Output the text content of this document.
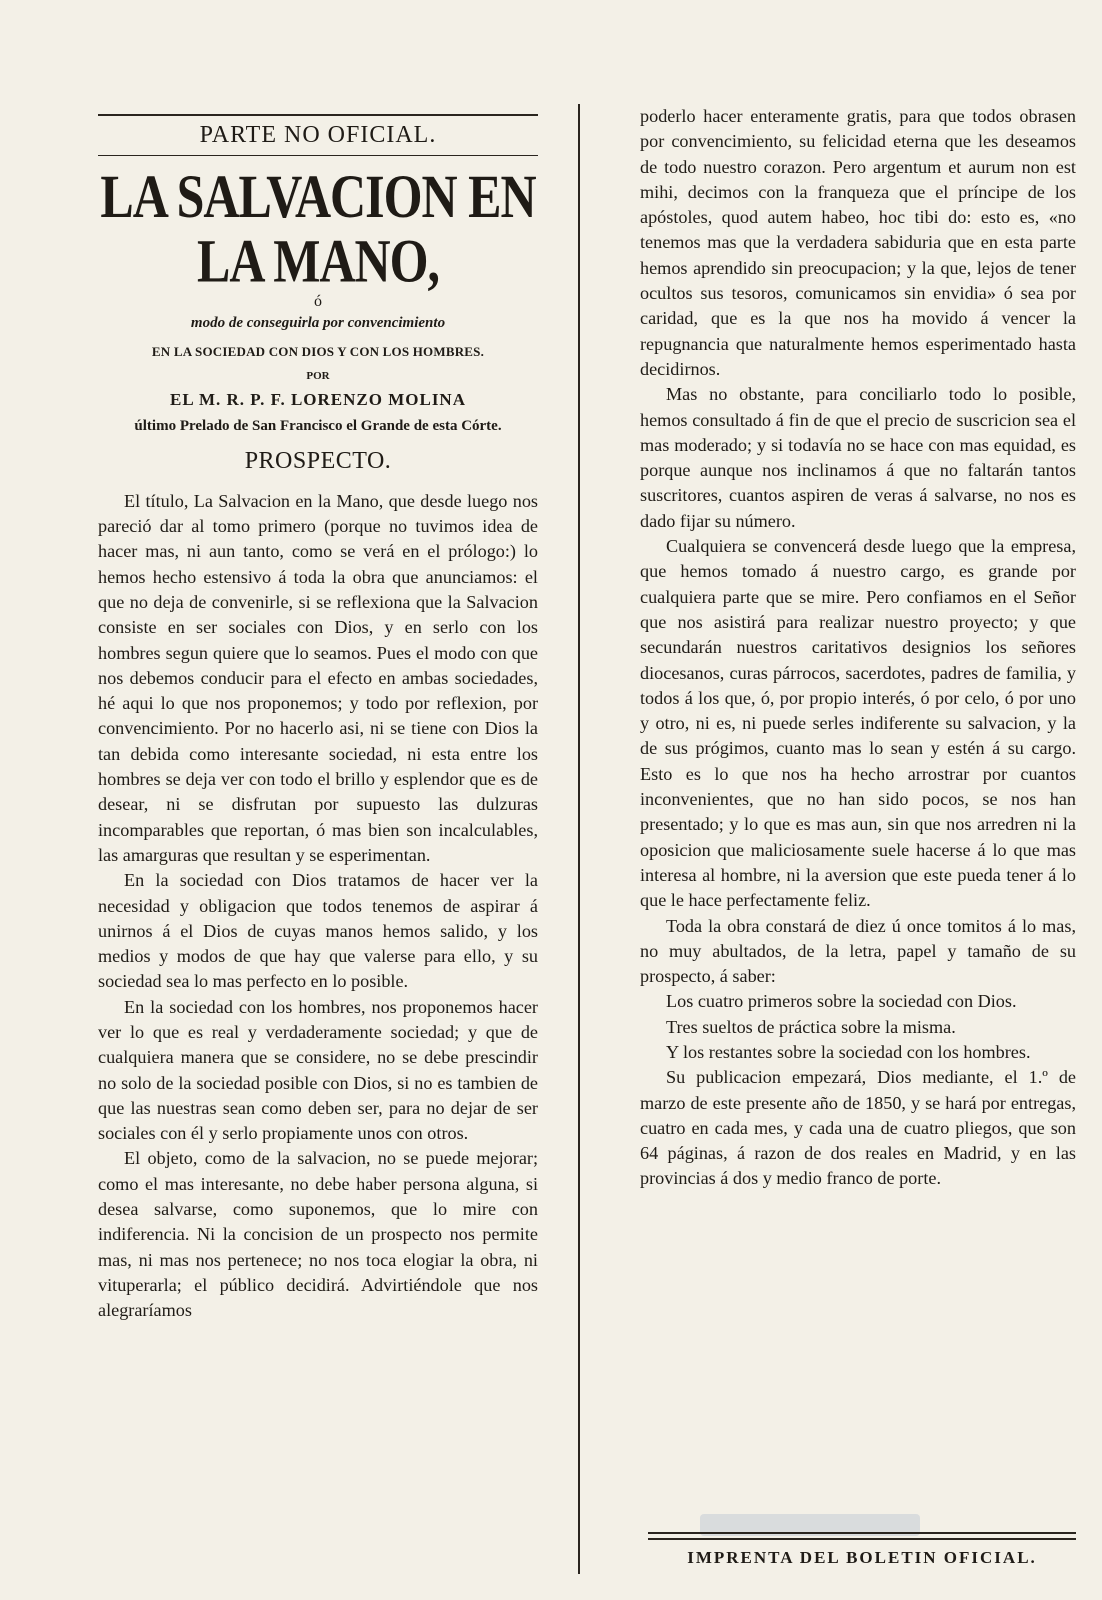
PARTE NO OFICIAL.
LA SALVACION EN LA MANO,
ó
modo de conseguirla por convencimiento
EN LA SOCIEDAD CON DIOS Y CON LOS HOMBRES.
POR
EL M. R. P. F. LORENZO MOLINA
último Prelado de San Francisco el Grande de esta Córte.
PROSPECTO.

El título, La Salvacion en la Mano, que desde luego nos pareció dar al tomo primero (porque no tuvimos idea de hacer mas, ni aun tanto, como se verá en el prólogo:) lo hemos hecho estensivo á toda la obra que anunciamos: el que no deja de convenirle, si se reflexiona que la Salvacion consiste en ser sociales con Dios, y en serlo con los hombres segun quiere que lo seamos. Pues el modo con que nos debemos conducir para el efecto en ambas sociedades, hé aqui lo que nos proponemos; y todo por reflexion, por convencimiento. Por no hacerlo asi, ni se tiene con Dios la tan debida como interesante sociedad, ni esta entre los hombres se deja ver con todo el brillo y esplendor que es de desear, ni se disfrutan por supuesto las dulzuras incomparables que reportan, ó mas bien son incalculables, las amarguras que resultan y se esperimentan.

En la sociedad con Dios tratamos de hacer ver la necesidad y obligacion que todos tenemos de aspirar á unirnos á el Dios de cuyas manos hemos salido, y los medios y modos de que hay que valerse para ello, y su sociedad sea lo mas perfecto en lo posible.

En la sociedad con los hombres, nos proponemos hacer ver lo que es real y verdaderamente sociedad; y que de cualquiera manera que se considere, no se debe prescindir no solo de la sociedad posible con Dios, si no es tambien de que las nuestras sean como deben ser, para no dejar de ser sociales con él y serlo propiamente unos con otros.

El objeto, como de la salvacion, no se puede mejorar; como el mas interesante, no debe haber persona alguna, si desea salvarse, como suponemos, que lo mire con indiferencia. Ni la concision de un prospecto nos permite mas, ni mas nos pertenece; no nos toca elogiar la obra, ni vituperarla; el público decidirá. Advirtiéndole que nos alegraríamos

poderlo hacer enteramente gratis, para que todos obrasen por convencimiento, su felicidad eterna que les deseamos de todo nuestro corazon. Pero argentum et aurum non est mihi, decimos con la franqueza que el príncipe de los apóstoles, quod autem habeo, hoc tibi do: esto es, «no tenemos mas que la verdadera sabiduria que en esta parte hemos aprendido sin preocupacion; y la que, lejos de tener ocultos sus tesoros, comunicamos sin envidia» ó sea por caridad, que es la que nos ha movido á vencer la repugnancia que naturalmente hemos esperimentado hasta decidirnos.

Mas no obstante, para conciliarlo todo lo posible, hemos consultado á fin de que el precio de suscricion sea el mas moderado; y si todavía no se hace con mas equidad, es porque aunque nos inclinamos á que no faltarán tantos suscritores, cuantos aspiren de veras á salvarse, no nos es dado fijar su número.

Cualquiera se convencerá desde luego que la empresa, que hemos tomado á nuestro cargo, es grande por cualquiera parte que se mire. Pero confiamos en el Señor que nos asistirá para realizar nuestro proyecto; y que secundarán nuestros caritativos designios los señores diocesanos, curas párrocos, sacerdotes, padres de familia, y todos á los que, ó, por propio interés, ó por celo, ó por uno y otro, ni es, ni puede serles indiferente su salvacion, y la de sus prógimos, cuanto mas lo sean y estén á su cargo. Esto es lo que nos ha hecho arrostrar por cuantos inconvenientes, que no han sido pocos, se nos han presentado; y lo que es mas aun, sin que nos arredren ni la oposicion que maliciosamente suele hacerse á lo que mas interesa al hombre, ni la aversion que este pueda tener á lo que le hace perfectamente feliz.

Toda la obra constará de diez ú once tomitos á lo mas, no muy abultados, de la letra, papel y tamaño de su prospecto, á saber:

Los cuatro primeros sobre la sociedad con Dios.

Tres sueltos de práctica sobre la misma.

Y los restantes sobre la sociedad con los hombres.

Su publicacion empezará, Dios mediante, el 1.º de marzo de este presente año de 1850, y se hará por entregas, cuatro en cada mes, y cada una de cuatro pliegos, que son 64 páginas, á razon de dos reales en Madrid, y en las provincias á dos y medio franco de porte.

IMPRENTA DEL BOLETIN OFICIAL.
